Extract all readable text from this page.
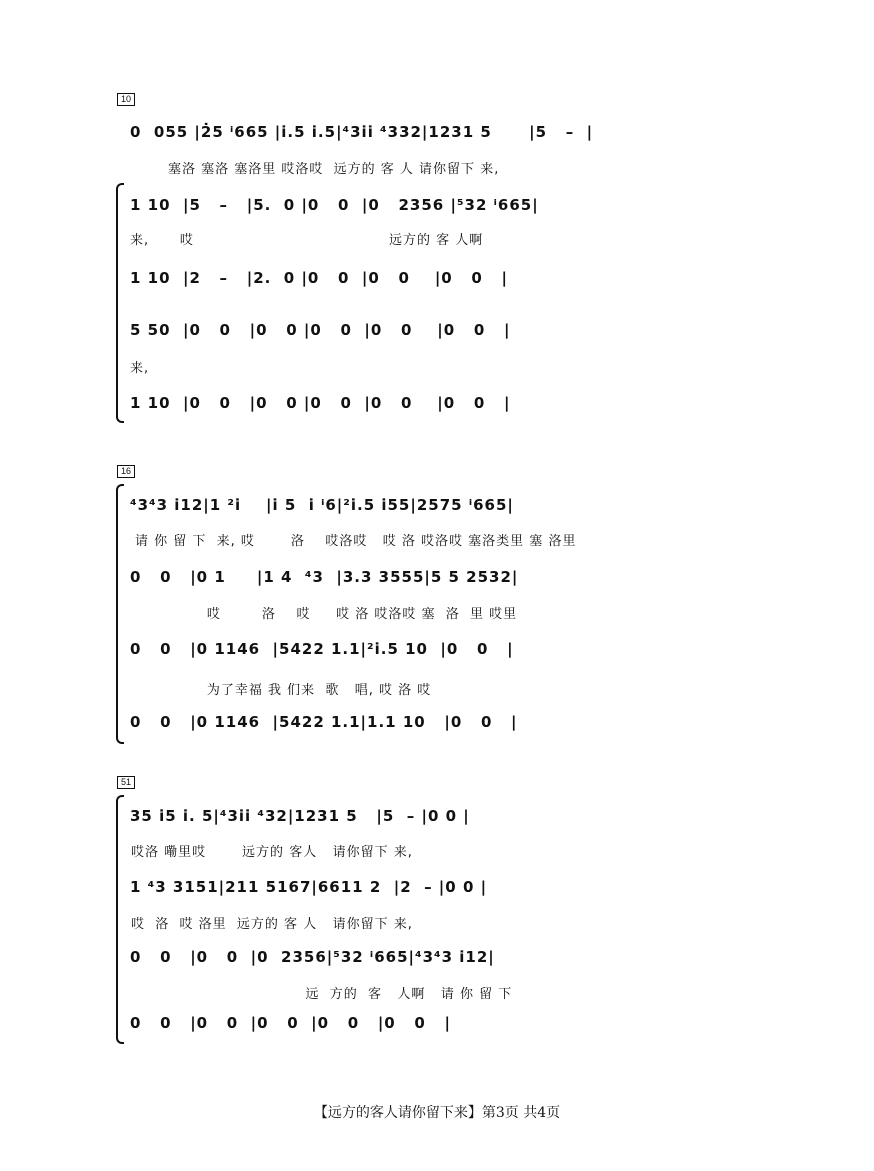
10
0  055 |2̇5 ⁱ665 |i̇.5 i̇.5|⁴3i̇i̇ ⁴332|1231 5      |5   –  |
塞洛 塞洛 塞洛里 哎洛哎  远方的 客 人 请你留下 来,
1 10  |5   –   |5.  0 |0   0  |0   2356 |⁵32 ⁱ665|
来,      哎                                      远方的 客 人啊
1 10  |2   –   |2.  0 |0   0  |0   0    |0   0   |
5 50  |0   0   |0   0 |0   0  |0   0    |0   0   |
来,
1 10  |0   0   |0   0 |0   0  |0   0    |0   0   |
16
⁴3⁴3 i̇12|1 ²i̇    |i̇ 5  i̇ ⁱ6|²i̇.5 i̇55|2575 ⁱ665|
请 你 留 下  来, 哎       洛    哎洛哎   哎 洛 哎洛哎 塞洛类里 塞 洛里
0   0   |0 1     |1 4  ⁴3  |3.3 3555|5 5 2532|
哎        洛    哎     哎 洛 哎洛哎 塞  洛  里 哎里
0   0   |0 1146  |5422 1.1|²i̇.5 10  |0   0   |
为了幸福 我 们来  歌   唱, 哎 洛 哎
0   0   |0 1146  |5422 1.1|1.1 10   |0   0   |
51
35 i̇5 i̇. 5|⁴3i̇i̇ ⁴32|1231 5   |5  – |0 0 |
哎洛 嘞里哎       远方的 客人   请你留下 来,
1 ⁴3 3151|211 5167|6611 2  |2  – |0 0 |
哎  洛  哎 洛里  远方的 客 人   请你留下 来,
0   0   |0   0  |0  2356|⁵32 ⁱ665|⁴3⁴3 i̇12|
远  方的  客   人啊   请 你 留 下
0   0   |0   0  |0   0  |0   0   |0   0   |
【远方的客人请你留下来】第3页 共4页
